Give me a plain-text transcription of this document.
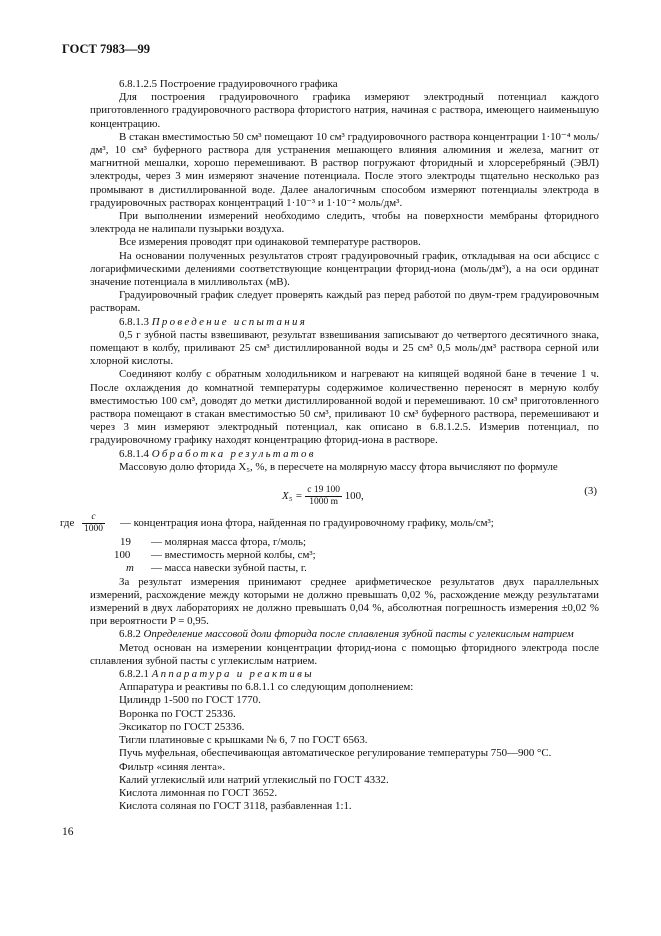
ГОСТ 7983—99

6.8.1.2.5 Построение градуировочного графика

Для построения градуировочного графика измеряют электродный потенциал каждого приготовленного градуировочного раствора фтористого натрия, начиная с раствора, имеющего наименьшую концентрацию.

В стакан вместимостью 50 см³ помещают 10 см³ градуировочного раствора концентрации 1·10⁻⁴ моль/дм³, 10 см³ буферного раствора для устранения мешающего влияния алюминия и железа, магнит от магнитной мешалки, хорошо перемешивают. В раствор погружают фторидный и хлорсеребряный (ЭВЛ) электроды, через 3 мин измеряют значение потенциала. После этого электроды тщательно несколько раз промывают в дистиллированной воде. Далее аналогичным способом измеряют потенциалы электрода в градуировочных растворах концентраций 1·10⁻³ и 1·10⁻² моль/дм³.

При выполнении измерений необходимо следить, чтобы на поверхности мембраны фторидного электрода не налипали пузырьки воздуха.

Все измерения проводят при одинаковой температуре растворов.

На основании полученных результатов строят градуировочный график, откладывая на оси абсцисс с логарифмическими делениями соответствующие концентрации фторид-иона (моль/дм³), а на оси ординат значение потенциала в милливольтах (мВ).

Градуировочный график следует проверять каждый раз перед работой по двум-трем градуировочным растворам.

6.8.1.3 Проведение испытания

0,5 г зубной пасты взвешивают, результат взвешивания записывают до четвертого десятичного знака, помещают в колбу, приливают 25 см³ дистиллированной воды и 25 см³ 0,5 моль/дм³ раствора серной или хлорной кислоты.

Соединяют колбу с обратным холодильником и нагревают на кипящей водяной бане в течение 1 ч. После охлаждения до комнатной температуры содержимое количественно переносят в мерную колбу вместимостью 100 см³, доводят до метки дистиллированной водой и перемешивают. 10 см³ приготовленного раствора помещают в стакан вместимостью 50 см³, приливают 10 см³ буферного раствора, перемешивают и через 3 мин измеряют электродный потенциал, как описано в 6.8.1.2.5. Измерив потенциал, по градуировочному графику находят концентрацию фторид-иона в растворе.

6.8.1.4 Обработка результатов

Массовую долю фторида X₅, %, в пересчете на молярную массу фтора вычисляют по формуле

$X_5 = \frac{c 19 100}{1000 m} 100$,	(3)
где $\frac{c}{1000}$ — концентрация иона фтора, найденная по градуировочному графику, моль/см³;
19 — молярная масса фтора, г/моль;
100 — вместимость мерной колбы, см³;
m — масса навески зубной пасты, г.

За результат измерения принимают среднее арифметическое результатов двух параллельных измерений, расхождение между которыми не должно превышать 0,02 %, расхождение между результатами измерений в двух лабораториях не должно превышать 0,04 %, абсолютная погрешность измерения ±0,02 % при вероятности P = 0,95.

6.8.2 Определение массовой доли фторида после сплавления зубной пасты с углекислым натрием

Метод основан на измерении концентрации фторид-иона с помощью фторидного электрода после сплавления зубной пасты с углекислым натрием.

6.8.2.1 Аппаратура и реактивы

Аппаратура и реактивы по 6.8.1.1 со следующим дополнением:

Цилиндр 1-500 по ГОСТ 1770.

Воронка по ГОСТ 25336.

Эксикатор по ГОСТ 25336.

Тигли платиновые с крышками № 6, 7 по ГОСТ 6563.

Пучь муфельная, обеспечивающая автоматическое регулирование температуры 750—900 °С.

Фильтр «синяя лента».

Калий углекислый или натрий углекислый по ГОСТ 4332.

Кислота лимонная по ГОСТ 3652.

Кислота соляная по ГОСТ 3118, разбавленная 1:1.

16
